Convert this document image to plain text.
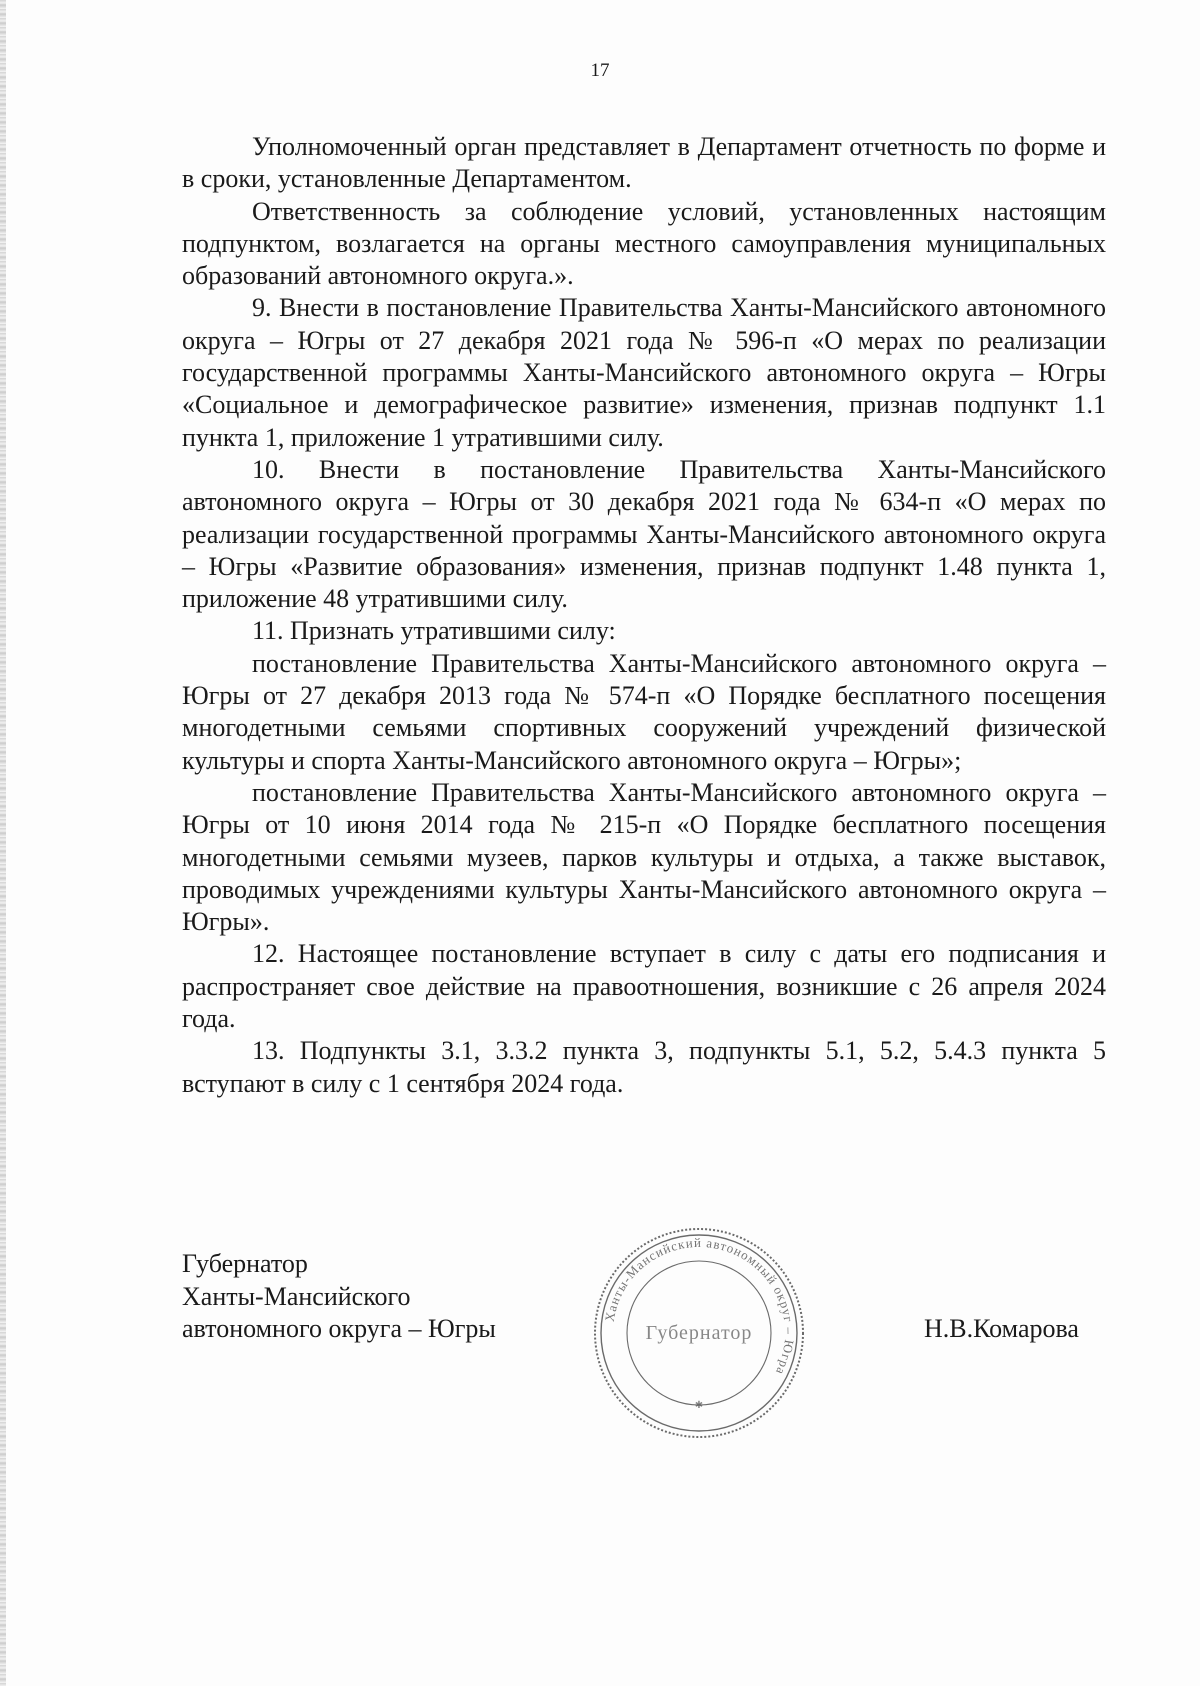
17

Уполномоченный орган представляет в Департамент отчетность по форме и в сроки, установленные Департаментом.

Ответственность за соблюдение условий, установленных настоящим подпунктом, возлагается на органы местного самоуправления муниципальных образований автономного округа.».

9. Внести в постановление Правительства Ханты-Мансийского автономного округа – Югры от 27 декабря 2021 года № 596-п «О мерах по реализации государственной программы Ханты-Мансийского автономного округа – Югры «Социальное и демографическое развитие» изменения, признав подпункт 1.1 пункта 1, приложение 1 утратившими силу.

10. Внести в постановление Правительства Ханты-Мансийского автономного округа – Югры от 30 декабря 2021 года № 634-п «О мерах по реализации государственной программы Ханты-Мансийского автономного округа – Югры «Развитие образования» изменения, признав подпункт 1.48 пункта 1, приложение 48 утратившими силу.

11. Признать утратившими силу:

постановление Правительства Ханты-Мансийского автономного округа – Югры от 27 декабря 2013 года № 574-п «О Порядке бесплатного посещения многодетными семьями спортивных сооружений учреждений физической культуры и спорта Ханты-Мансийского автономного округа – Югры»;

постановление Правительства Ханты-Мансийского автономного округа – Югры от 10 июня 2014 года № 215-п «О Порядке бесплатного посещения многодетными семьями музеев, парков культуры и отдыха, а также выставок, проводимых учреждениями культуры Ханты-Мансийского автономного округа – Югры».

12. Настоящее постановление вступает в силу с даты его подписания и распространяет свое действие на правоотношения, возникшие с 26 апреля 2024 года.

13. Подпункты 3.1, 3.3.2 пункта 3, подпункты 5.1, 5.2, 5.4.3 пункта 5 вступают в силу с 1 сентября 2024 года.

Губернатор
Ханты-Мансийского
автономного округа – Югры	Ханты-Мансийский автономный округ – Югра
Губернатор
✱
Н.В.Комарова
